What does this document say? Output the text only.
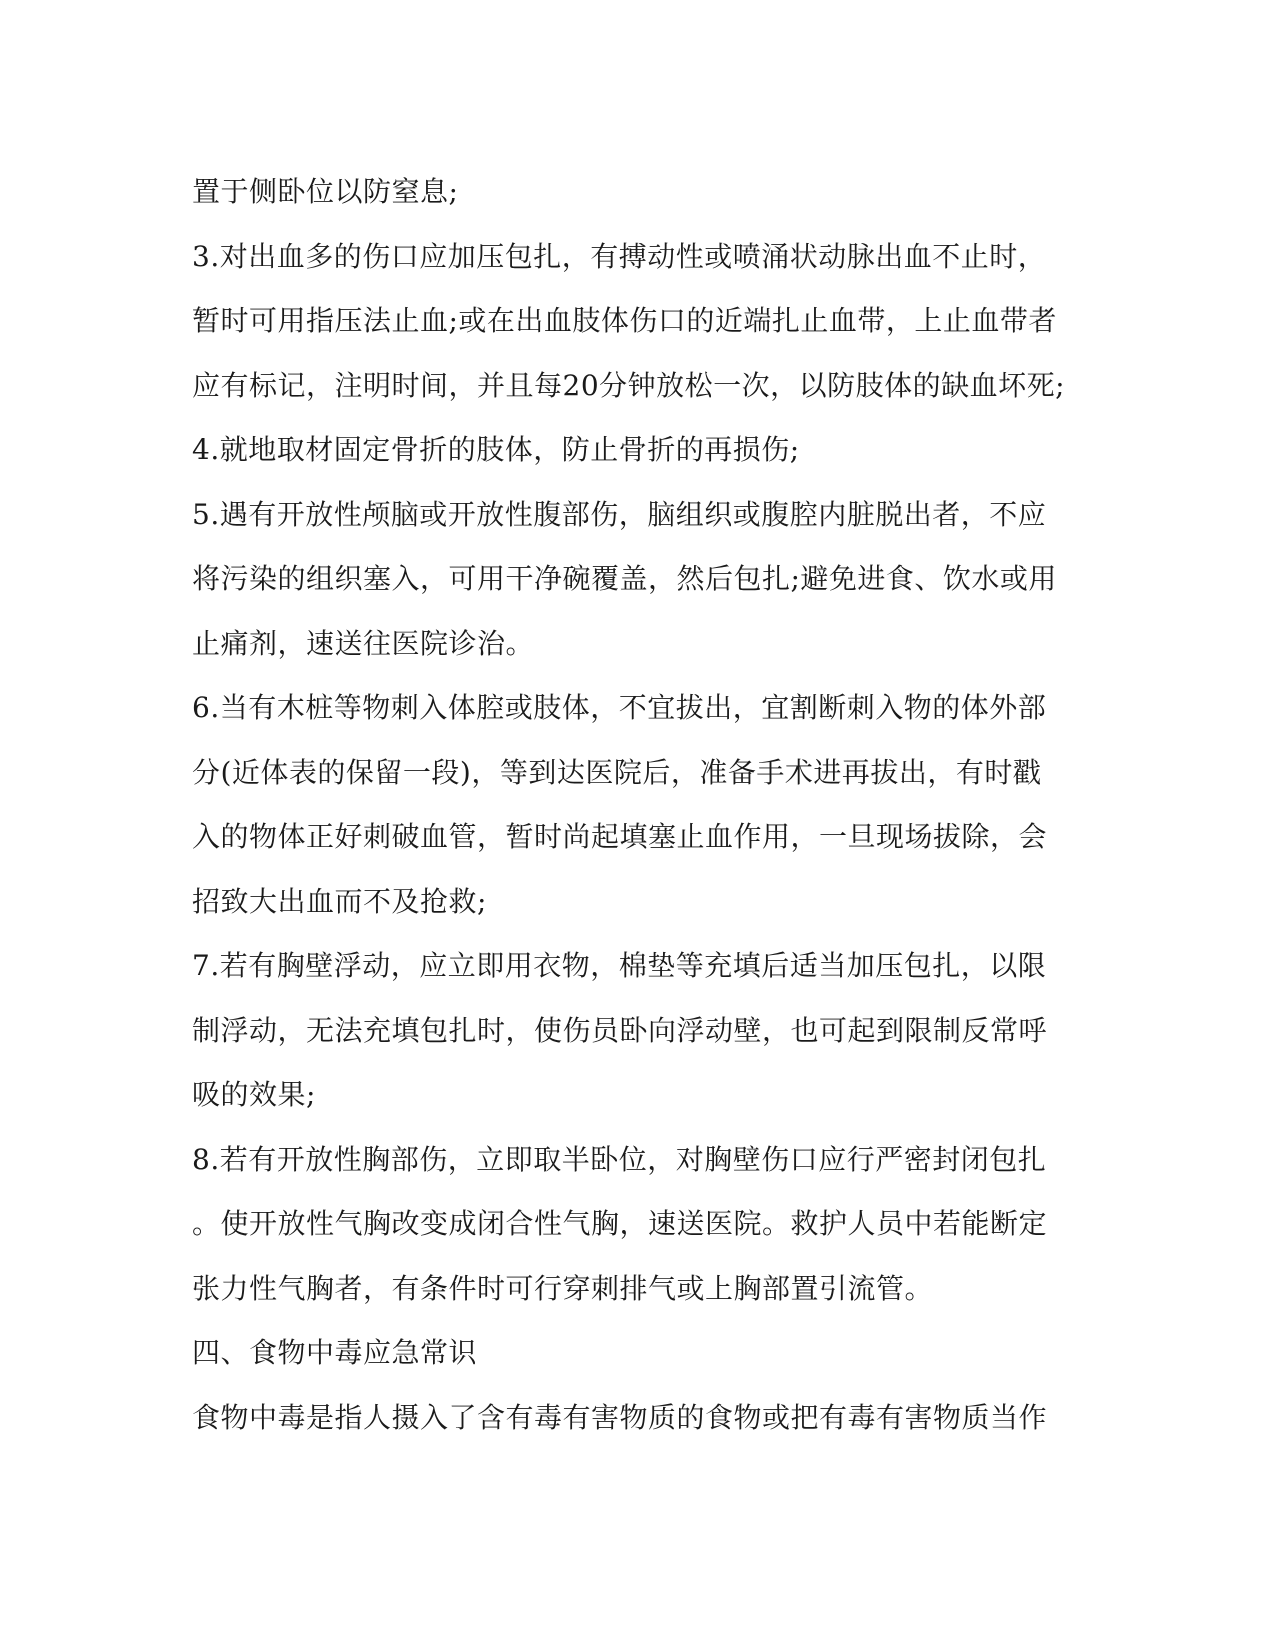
置于侧卧位以防窒息;
3.对出血多的伤口应加压包扎，有搏动性或喷涌状动脉出血不止时，
暂时可用指压法止血;或在出血肢体伤口的近端扎止血带，上止血带者
应有标记，注明时间，并且每20分钟放松一次，以防肢体的缺血坏死;
4.就地取材固定骨折的肢体，防止骨折的再损伤;
5.遇有开放性颅脑或开放性腹部伤，脑组织或腹腔内脏脱出者，不应
将污染的组织塞入，可用干净碗覆盖，然后包扎;避免进食、饮水或用
止痛剂，速送往医院诊治。
6.当有木桩等物刺入体腔或肢体，不宜拔出，宜割断刺入物的体外部
分(近体表的保留一段)，等到达医院后，准备手术进再拔出，有时戳
入的物体正好刺破血管，暂时尚起填塞止血作用，一旦现场拔除，会
招致大出血而不及抢救;
7.若有胸壁浮动，应立即用衣物，棉垫等充填后适当加压包扎，以限
制浮动，无法充填包扎时，使伤员卧向浮动壁，也可起到限制反常呼
吸的效果;
8.若有开放性胸部伤，立即取半卧位，对胸壁伤口应行严密封闭包扎
。使开放性气胸改变成闭合性气胸，速送医院。救护人员中若能断定
张力性气胸者，有条件时可行穿刺排气或上胸部置引流管。
四、食物中毒应急常识
食物中毒是指人摄入了含有毒有害物质的食物或把有毒有害物质当作
